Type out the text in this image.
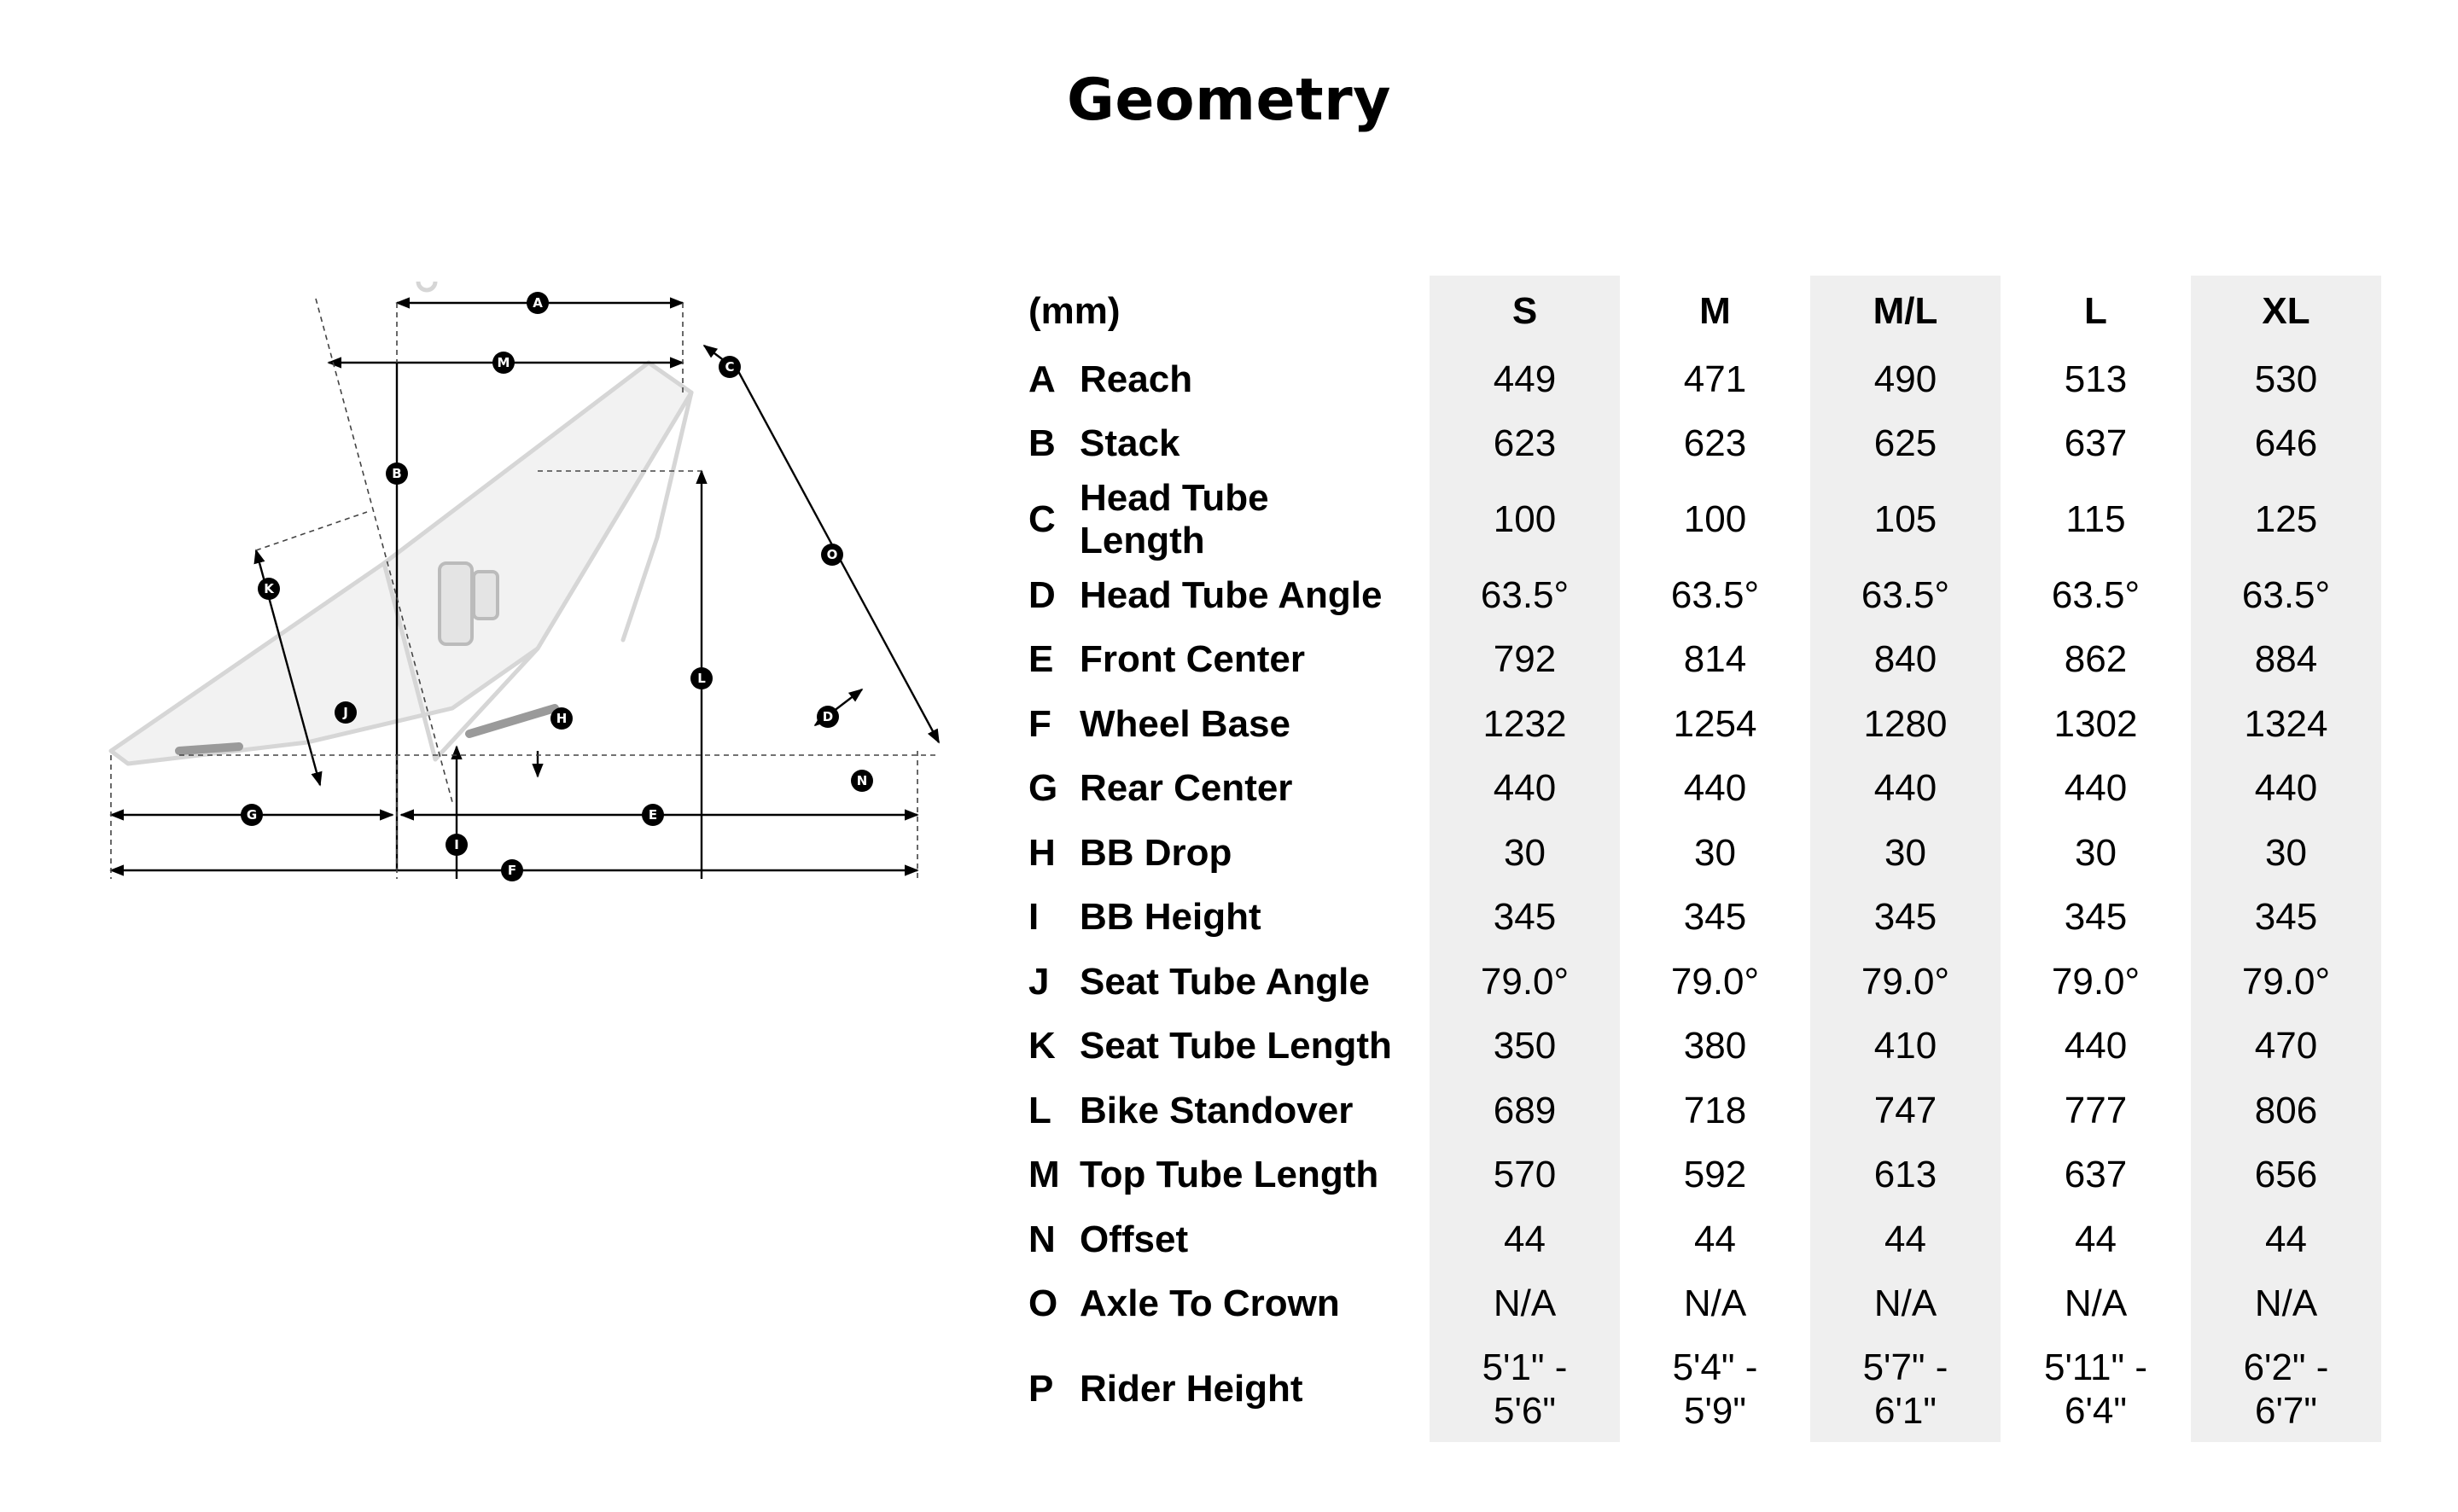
Geometry
A
B
C
D
E
F
G
H
I
J
K
L
M
N
O
(mm)		S	M	M/L	L	XL
A	Reach	449	471	490	513	530
B	Stack	623	623	625	637	646
C	Head Tube Length	100	100	105	115	125
D	Head Tube Angle	63.5°	63.5°	63.5°	63.5°	63.5°
E	Front Center	792	814	840	862	884
F	Wheel Base	1232	1254	1280	1302	1324
G	Rear Center	440	440	440	440	440
H	BB Drop	30	30	30	30	30
I	BB Height	345	345	345	345	345
J	Seat Tube Angle	79.0°	79.0°	79.0°	79.0°	79.0°
K	Seat Tube Length	350	380	410	440	470
L	Bike Standover	689	718	747	777	806
M	Top Tube Length	570	592	613	637	656
N	Offset	44	44	44	44	44
O	Axle To Crown	N/A	N/A	N/A	N/A	N/A
P	Rider Height	5'1" - 5'6"	5'4" - 5'9"	5'7" - 6'1"	5'11" - 6'4"	6'2" - 6'7"
